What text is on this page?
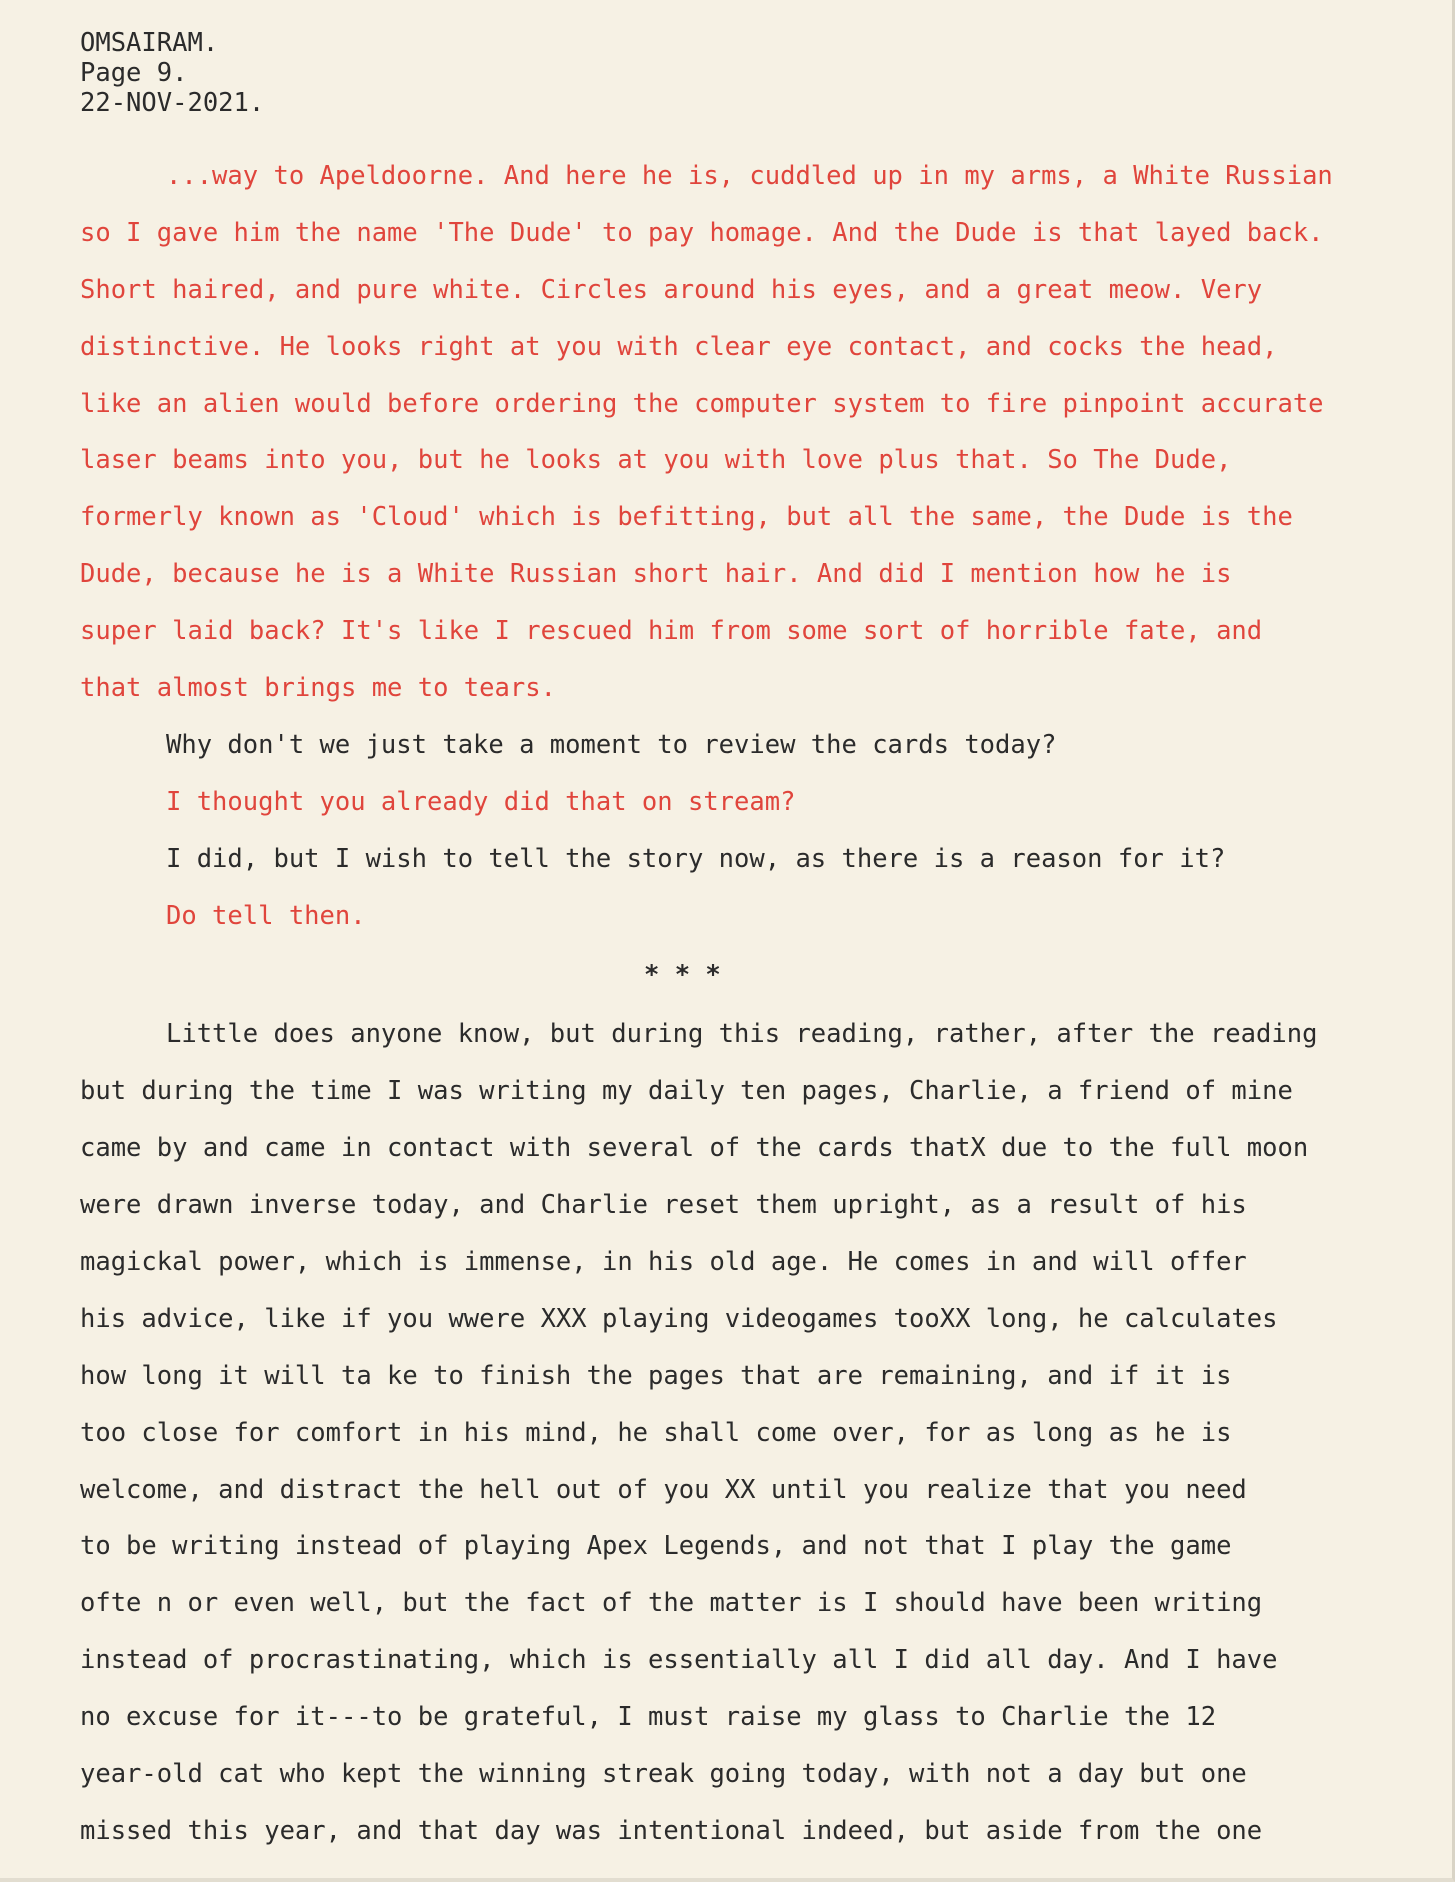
OMSAIRAM.
Page 9.
22-NOV-2021.
...way to Apeldoorne. And here he is, cuddled up in my arms, a White Russian
so I gave him the name 'The Dude' to pay homage. And the Dude is that layed back.
Short haired, and pure white. Circles around his eyes, and a great meow. Very
distinctive. He looks right at you with clear eye contact, and cocks the head,
like an alien would before ordering the computer system to fire pinpoint accurate
laser beams into you, but he looks at you with love plus that. So The Dude,
formerly known as 'Cloud' which is befitting, but all the same, the Dude is the
Dude, because he is a White Russian short hair. And did I mention how he is
super laid back? It's like I rescued him from some sort of horrible fate, and
that almost brings me to tears.
Why don't we just take a moment to review the cards today?
I thought you already did that on stream?
I did, but I wish to tell the story now, as there is a reason for it?
Do tell then.
* * *
Little does anyone know, but during this reading, rather, after the reading
but during the time I was writing my daily ten pages, Charlie, a friend of mine
came by and came in contact with several of the cards thatX due to the full moon
were drawn inverse today, and Charlie reset them upright, as a result of his
magickal power, which is immense, in his old age. He comes in and will offer
his advice, like if you wwere XXX playing videogames tooXX long, he calculates
how long it will ta ke to finish the pages that are remaining, and if it is
too close for comfort in his mind, he shall come over, for as long as he is
welcome, and distract the hell out of you XX until you realize that you need
to be writing instead of playing Apex Legends, and not that I play the game
ofte n or even well, but the fact of the matter is I should have been writing
instead of procrastinating, which is essentially all I did all day. And I have
no excuse for it---to be grateful, I must raise my glass to Charlie the 12
year-old cat who kept the winning streak going today, with not a day but one
missed this year, and that day was intentional indeed, but aside from the one
